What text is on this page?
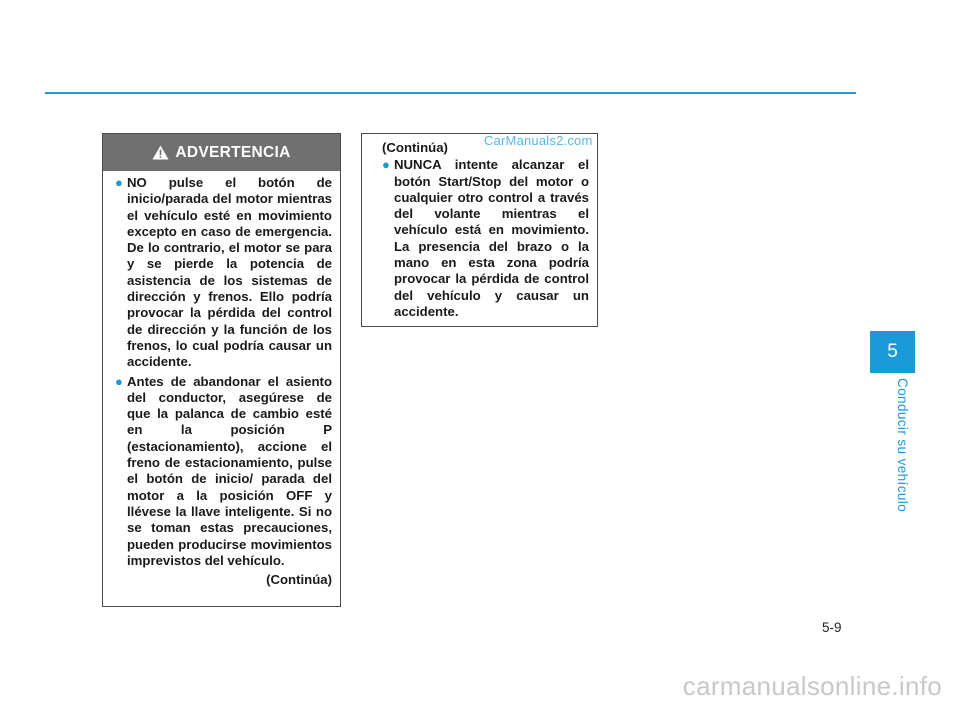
CarManuals2.com
ADVERTENCIA
● NO pulse el botón de inicio/parada del motor mientras el vehículo esté en movimiento excepto en caso de emergencia. De lo contrario, el motor se para y se pierde la potencia de asistencia de los sistemas de dirección y frenos. Ello podría provocar la pérdida del control de dirección y la función de los frenos, lo cual podría causar un accidente.
● Antes de abandonar el asiento del conductor, asegúrese de que la palanca de cambio esté en la posición P (estacionamiento), accione el freno de estacionamiento, pulse el botón de inicio/ parada del motor a la posición OFF y llévese la llave inteligente. Si no se toman estas precauciones, pueden producirse movimientos imprevistos del vehículo.
(Continúa)
(Continúa)
● NUNCA intente alcanzar el botón Start/Stop del motor o cualquier otro control a través del volante mientras el vehículo está en movimiento. La presencia del brazo o la mano en esta zona podría provocar la pérdida de control del vehículo y causar un accidente.
5
Conducir su vehículo
5-9
carmanualsonline.info
